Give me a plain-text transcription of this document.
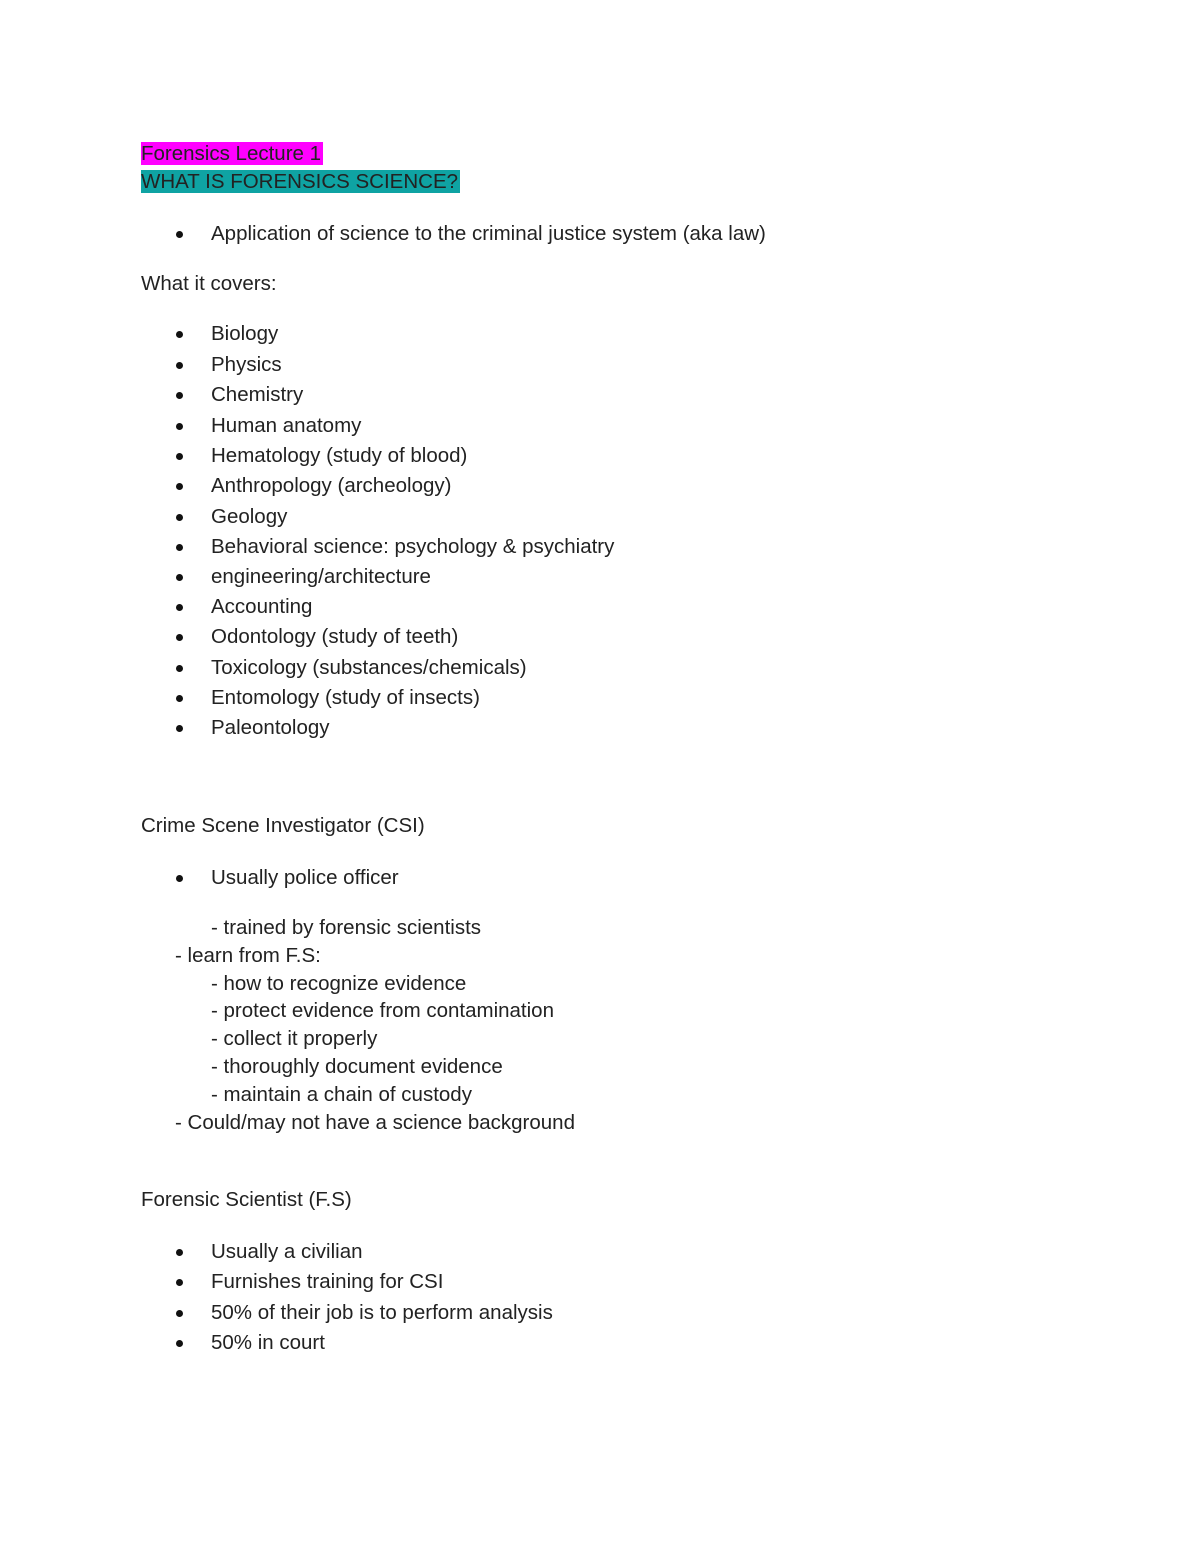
Forensics Lecture 1
WHAT IS FORENSICS SCIENCE?
Application of science to the criminal justice system (aka law)
What it covers:
Biology
Physics
Chemistry
Human anatomy
Hematology (study of blood)
Anthropology (archeology)
Geology
Behavioral science: psychology & psychiatry
engineering/architecture
Accounting
Odontology (study of teeth)
Toxicology (substances/chemicals)
Entomology (study of insects)
Paleontology
Crime Scene Investigator (CSI)
Usually police officer
- trained by forensic scientists
- learn from F.S:
- how to recognize evidence
- protect evidence from contamination
- collect it properly
- thoroughly document evidence
- maintain a chain of custody
- Could/may not have a science background
Forensic Scientist (F.S)
Usually a civilian
Furnishes training for CSI
50% of their job is to perform analysis
50% in court
